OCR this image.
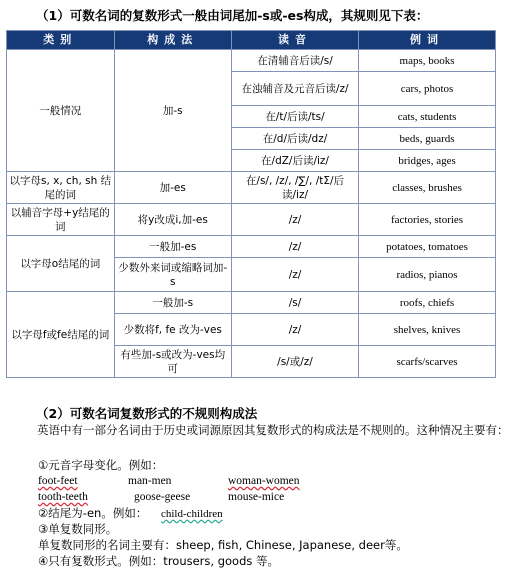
（1）可数名词的复数形式一般由词尾加-s或-es构成，其规则见下表：
类别	构成法	读音	例词
一般情况	加-s	在清辅音后读/s/	maps, books
		在浊辅音及元音后读/z/	cars, photos
		在/t/后读/ts/	cats, students
		在/d/后读/dz/	beds, guards
		在/dZ/后读/iz/	bridges, ages
以字母s, x, ch, sh 结尾的词	加-es	在/s/, /z/, /∑/, /tΣ/后读/iz/	classes, brushes
以辅音字母+y结尾的词	将y改成i,加-es	/z/	factories, stories
以字母o结尾的词	一般加-es	/z/	potatoes, tomatoes
	少数外来词或缩略词加-s	/z/	radios, pianos
以字母f或fe结尾的词	一般加-s	/s/	roofs, chiefs
	少数将f, fe 改为-ves	/z/	shelves, knives
	有些加-s或改为-ves均可	/s/或/z/	scarfs/scarves
（2）可数名词复数形式的不规则构成法
英语中有一部分名词由于历史或词源原因其复数形式的构成法是不规则的。这种情况主要有：
①元音字母变化。例如：
foot-feet	man-men	woman-women
tooth-teeth	goose-geese	mouse-mice
②结尾为-en。例如： child-children
③单复数同形。
单复数同形的名词主要有：sheep, fish, Chinese, Japanese, deer等。
④只有复数形式。例如：trousers, goods 等。
